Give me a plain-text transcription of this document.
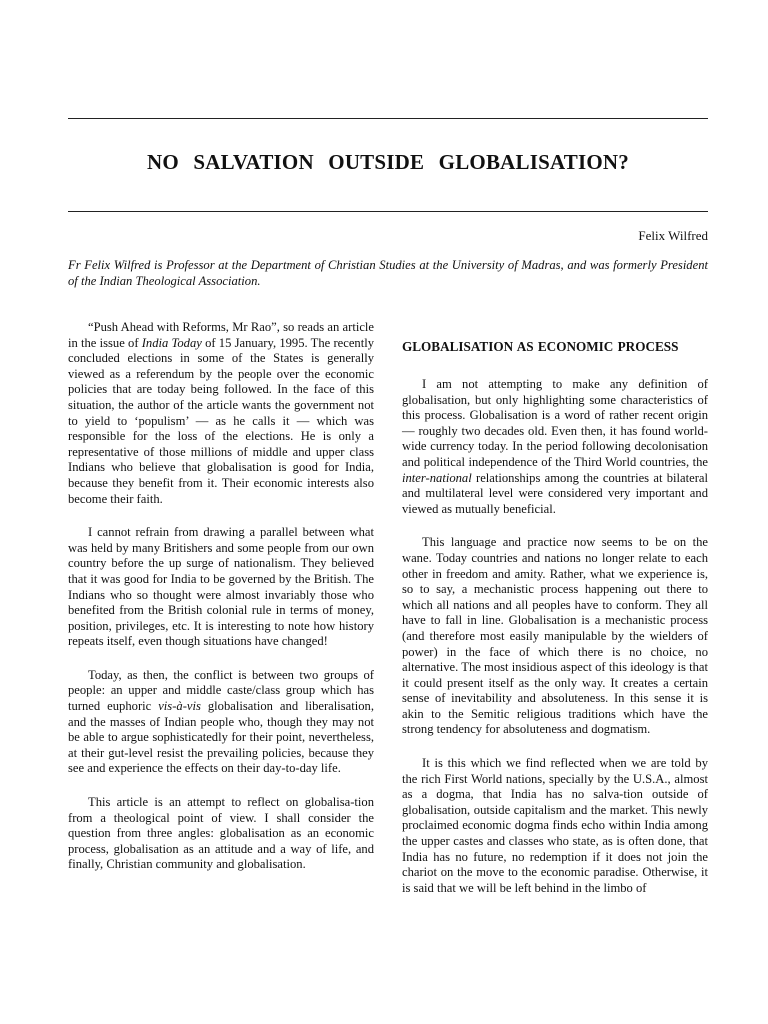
NO SALVATION OUTSIDE GLOBALISATION?

Felix Wilfred

Fr Felix Wilfred is Professor at the Department of Christian Studies at the University of Madras, and was formerly President of the Indian Theological Association.

“Push Ahead with Reforms, Mr Rao”, so reads an article in the issue of India Today of 15 January, 1995. The recently concluded elections in some of the States is generally viewed as a referendum by the people over the economic policies that are today being followed. In the face of this situation, the author of the article wants the government not to yield to ‘populism’ — as he calls it — which was responsible for the loss of the elections. He is only a representative of those millions of middle and upper class Indians who believe that globalisation is good for India, because they benefit from it. Their economic interests also become their faith.

I cannot refrain from drawing a parallel between what was held by many Britishers and some people from our own country before the up surge of nationalism. They believed that it was good for India to be governed by the British. The Indians who so thought were almost invariably those who benefited from the British colonial rule in terms of money, position, privileges, etc. It is interesting to note how history repeats itself, even though situations have changed!

Today, as then, the conflict is between two groups of people: an upper and middle caste/class group which has turned euphoric vis-à-vis globalisation and liberalisation, and the masses of Indian people who, though they may not be able to argue sophisticatedly for their point, nevertheless, at their gut-level resist the prevailing policies, because they see and experience the effects on their day-to-day life.

This article is an attempt to reflect on globalisa-tion from a theological point of view. I shall consider the question from three angles: globalisation as an economic process, globalisation as an attitude and a way of life, and finally, Christian community and globalisation.

GLOBALISATION AS ECONOMIC PROCESS

I am not attempting to make any definition of globalisation, but only highlighting some characteristics of this process. Globalisation is a word of rather recent origin — roughly two decades old. Even then, it has found world-wide currency today. In the period following decolonisation and political independence of the Third World countries, the inter-national relationships among the countries at bilateral and multilateral level were considered very important and viewed as mutually beneficial.

This language and practice now seems to be on the wane. Today countries and nations no longer relate to each other in freedom and amity. Rather, what we experience is, so to say, a mechanistic process happening out there to which all nations and all peoples have to conform. They all have to fall in line. Globalisation is a mechanistic process (and therefore most easily manipulable by the wielders of power) in the face of which there is no choice, no alternative. The most insidious aspect of this ideology is that it could present itself as the only way. It creates a certain sense of inevitability and absoluteness. In this sense it is akin to the Semitic religious traditions which have the strong tendency for absoluteness and dogmatism.

It is this which we find reflected when we are told by the rich First World nations, specially by the U.S.A., almost as a dogma, that India has no salva-tion outside of globalisation, outside capitalism and the market. This newly proclaimed economic dogma finds echo within India among the upper castes and classes who state, as is often done, that India has no future, no redemption if it does not join the chariot on the move to the economic paradise. Otherwise, it is said that we will be left behind in the limbo of
